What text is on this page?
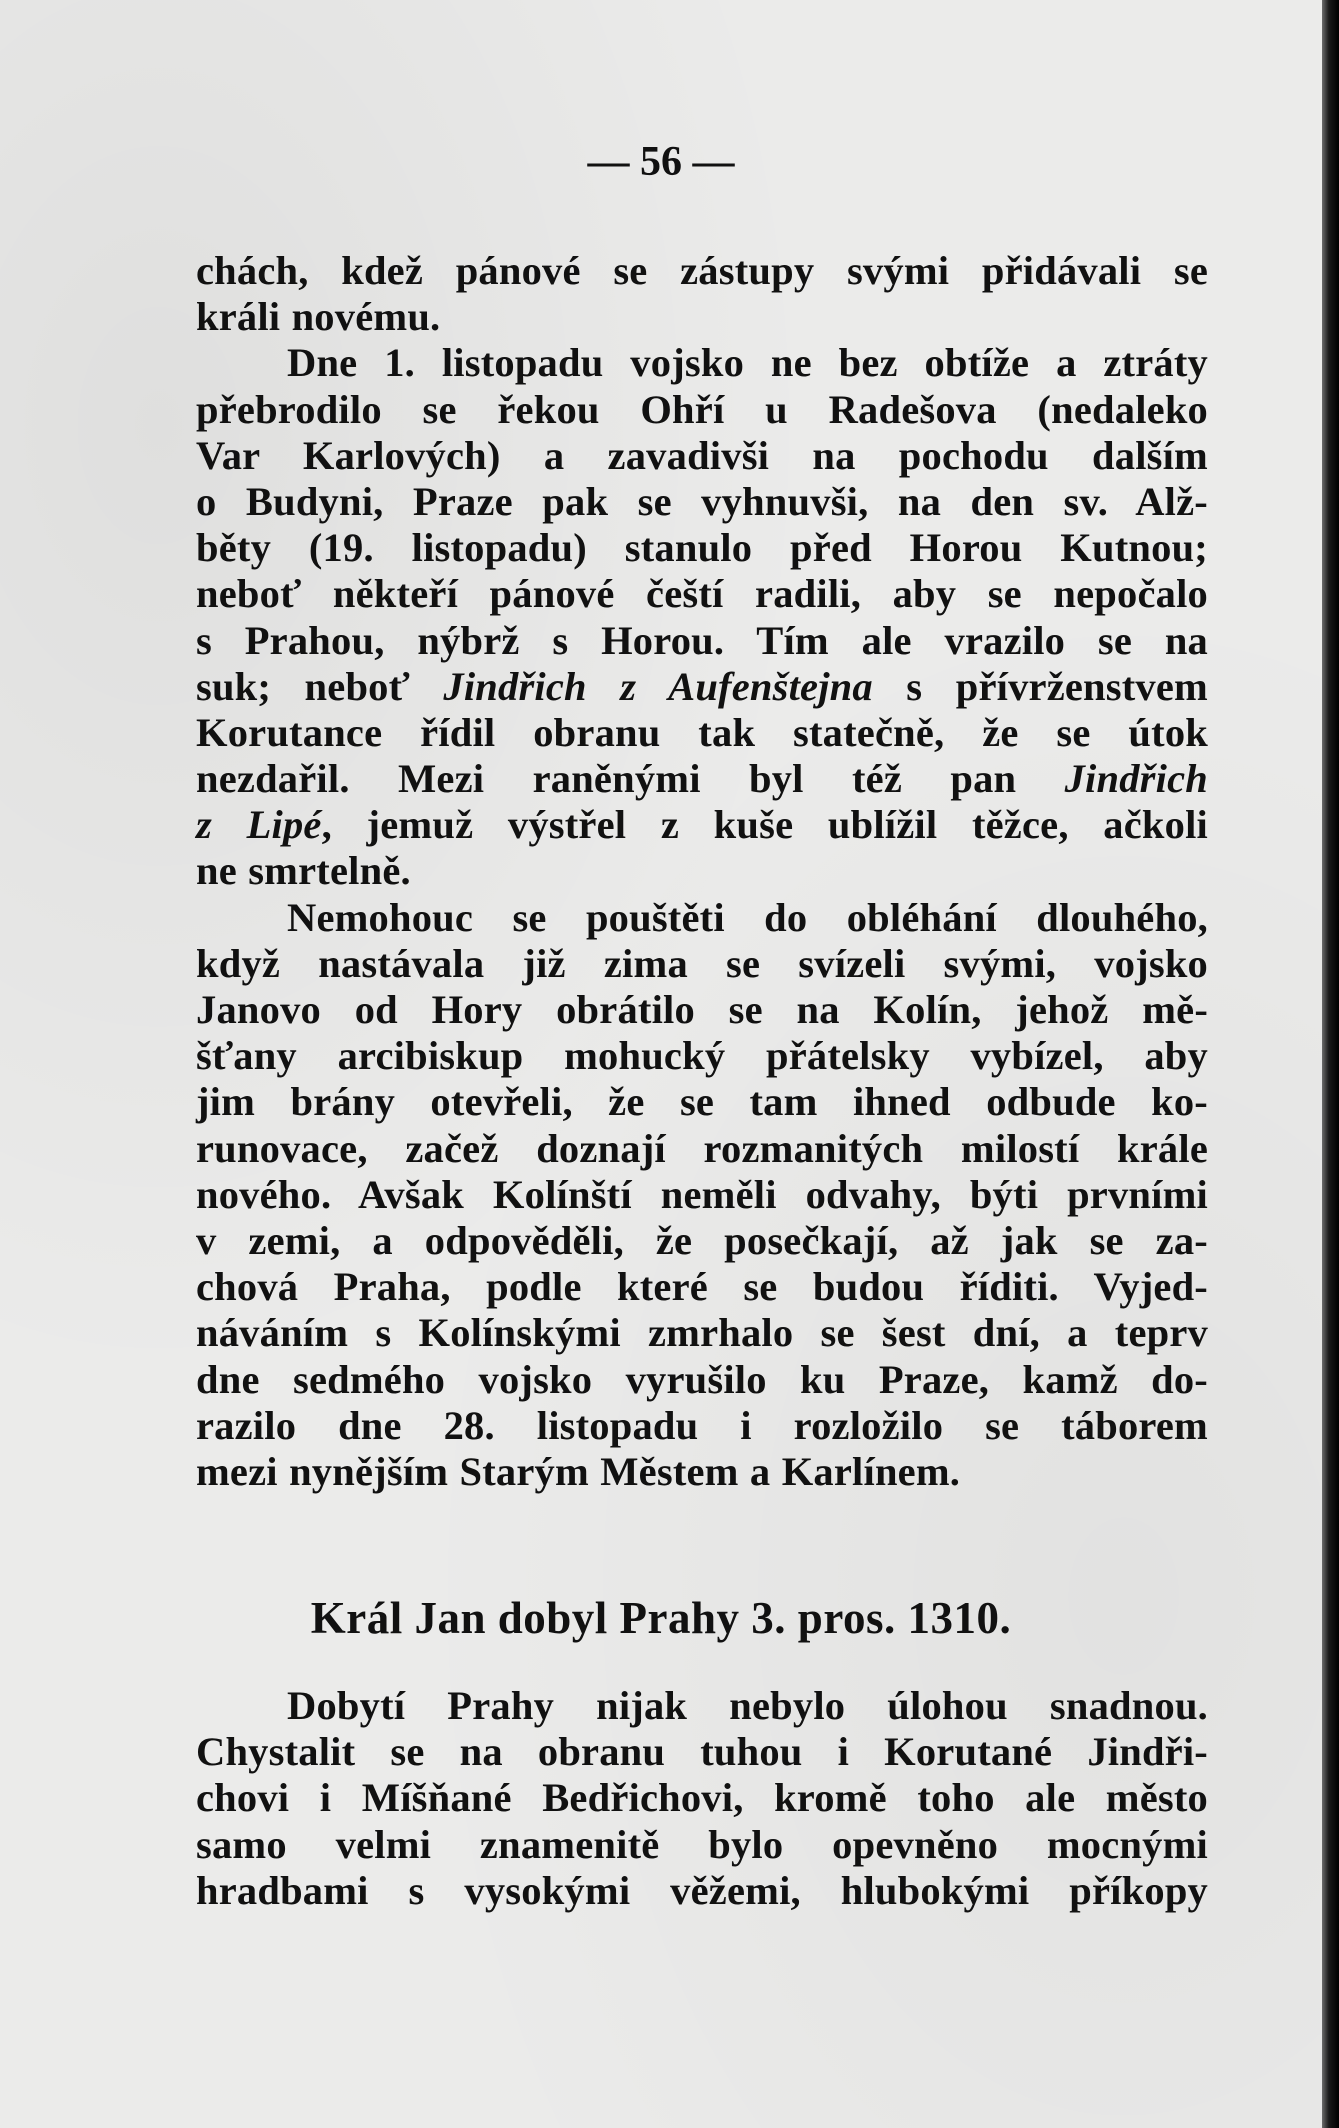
— 56 —
chách, kdež pánové se zástupy svými přidávali se
králi novému.
Dne 1. listopadu vojsko ne bez obtíže a ztráty
přebrodilo se řekou Ohří u Radešova (nedaleko
Var Karlových) a zavadivši na pochodu dalším
o Budyni, Praze pak se vyhnuvši, na den sv. Alž-
běty (19. listopadu) stanulo před Horou Kutnou;
neboť někteří pánové čeští radili, aby se nepočalo
s Prahou, nýbrž s Horou. Tím ale vrazilo se na
suk; neboť Jindřich z Aufenštejna s přívrženstvem
Korutance řídil obranu tak statečně, že se útok
nezdařil. Mezi raněnými byl též pan Jindřich
z Lipé, jemuž výstřel z kuše ublížil těžce, ačkoli
ne smrtelně.
Nemohouc se pouštěti do obléhání dlouhého,
když nastávala již zima se svízeli svými, vojsko
Janovo od Hory obrátilo se na Kolín, jehož mě-
šťany arcibiskup mohucký přátelsky vybízel, aby
jim brány otevřeli, že se tam ihned odbude ko-
runovace, začež doznají rozmanitých milostí krále
nového. Avšak Kolínští neměli odvahy, býti prvními
v zemi, a odpověděli, že posečkají, až jak se za-
chová Praha, podle které se budou říditi. Vyjed-
náváním s Kolínskými zmrhalo se šest dní, a teprv
dne sedmého vojsko vyrušilo ku Praze, kamž do-
razilo dne 28. listopadu i rozložilo se táborem
mezi nynějším Starým Městem a Karlínem.
Král Jan dobyl Prahy 3. pros. 1310.
Dobytí Prahy nijak nebylo úlohou snadnou.
Chystalit se na obranu tuhou i Korutané Jindři-
chovi i Míšňané Bedřichovi, kromě toho ale město
samo velmi znamenitě bylo opevněno mocnými
hradbami s vysokými věžemi, hlubokými příkopy
